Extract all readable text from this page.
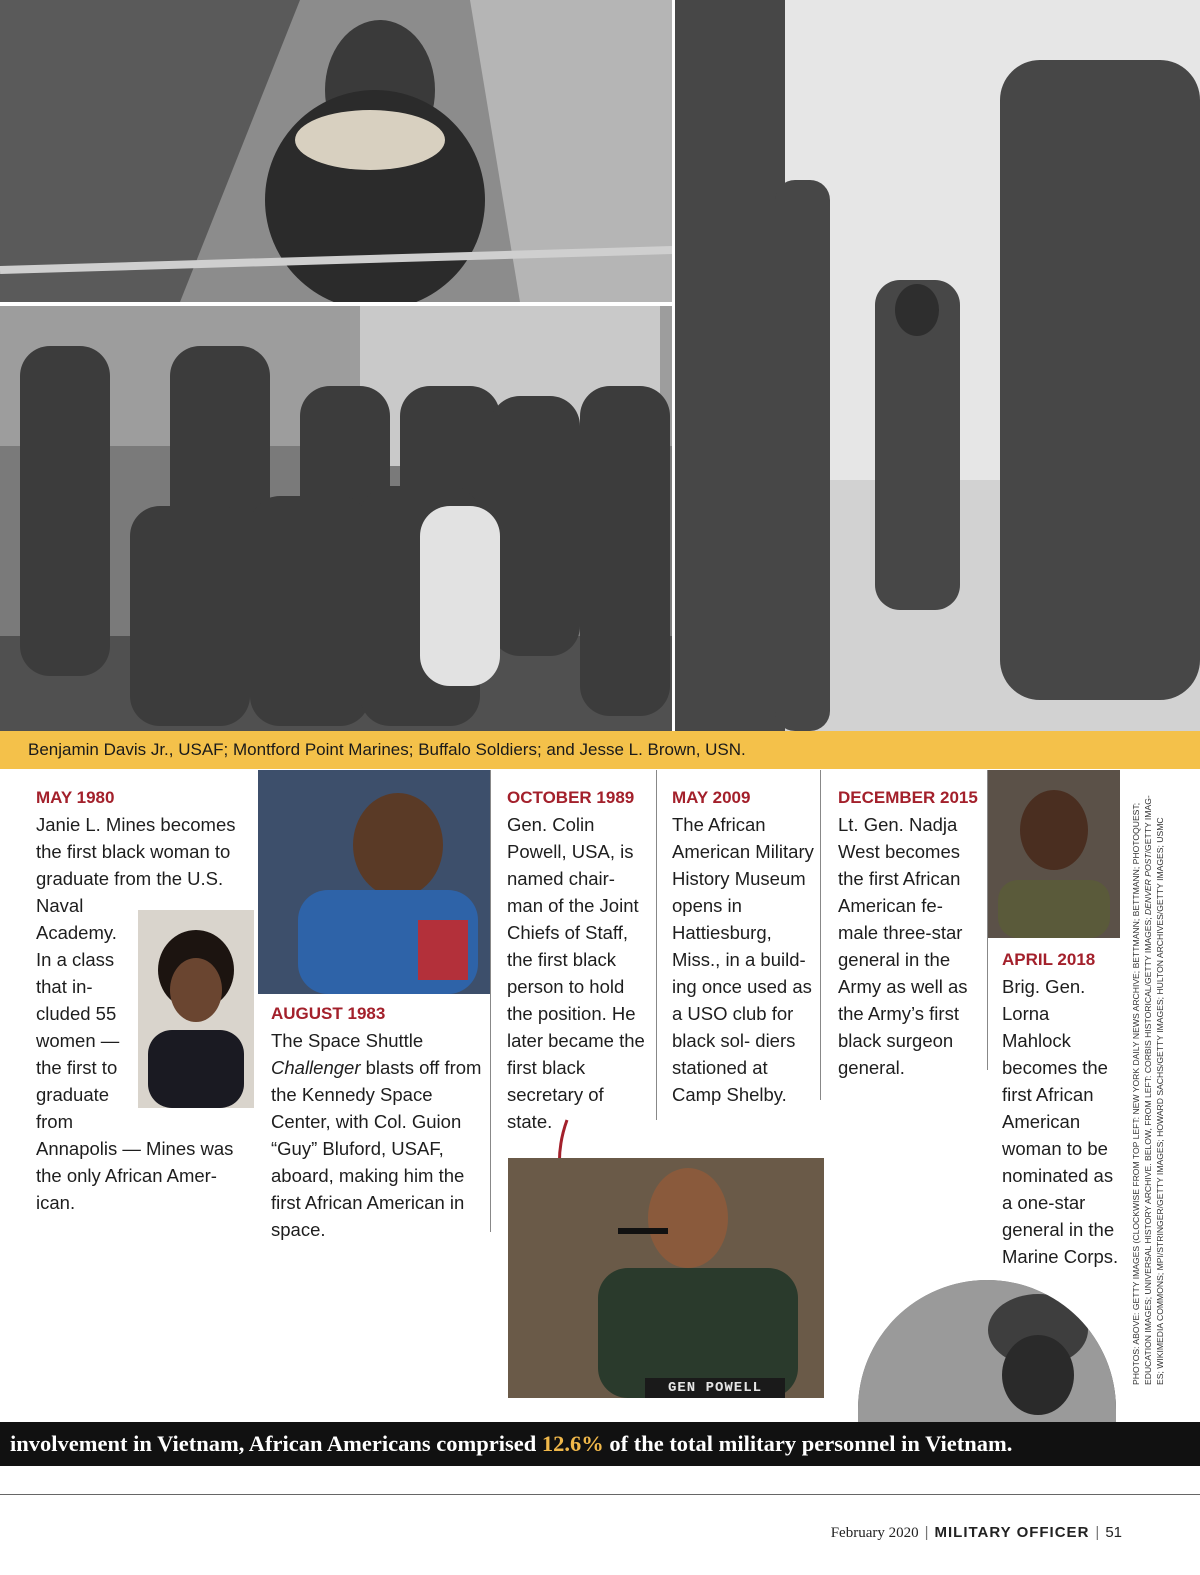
Benjamin Davis Jr., USAF; Montford Point Marines; Buffalo Soldiers; and Jesse L. Brown, USN.
MAY 1980

Janie L. Mines becomes the first black woman to graduate from the U.S.

Naval

Academy.

In a class

that in-

cluded 55

women —

the first to

graduate

from

Annapolis — Mines was the only African Amer- ican.

AUGUST 1983

The Space Shuttle Challenger blasts off from the Kennedy Space Center, with Col. Guion “Guy” Bluford, USAF, aboard, making him the first African American in space.

OCTOBER 1989

Gen. Colin Powell, USA, is named chair- man of the Joint Chiefs of Staff, the first black person to hold the position. He later became the first black secretary of state.

MAY 2009

The African American Military History Museum opens in Hattiesburg, Miss., in a build- ing once used as a USO club for black sol- diers stationed at Camp Shelby.

DECEMBER 2015

Lt. Gen. Nadja West becomes the first African American fe- male three-star general in the Army as well as the Army’s first black surgeon general.

APRIL 2018

Brig. Gen. Lorna Mahlock becomes the first African American woman to be nominated as a one-star general in the Marine Corps.

GEN POWELL
PHOTOS: ABOVE: GETTY IMAGES (CLOCKWISE FROM TOP LEFT: NEW YORK DAILY NEWS ARCHIVE; BETTMANN; BETTMANN; PHOTOQUEST; EDUCATION IMAGES; UNIVERSAL HISTORY ARCHIVE. BELOW, FROM LEFT: CORBIS HISTORICAL/GETTY IMAGES; DENVER POST/GETTY IMAG- ES; WIKIMEDIA COMMONS; MPI/STRINGER/GETTY IMAGES; HOWARD SACHS/GETTY IMAGES; HULTON ARCHIVES/GETTY IMAGES; USMC
involvement in Vietnam, African Americans comprised 12.6% of the total military personnel in Vietnam.
February 2020 | MILITARY OFFICER | 51
